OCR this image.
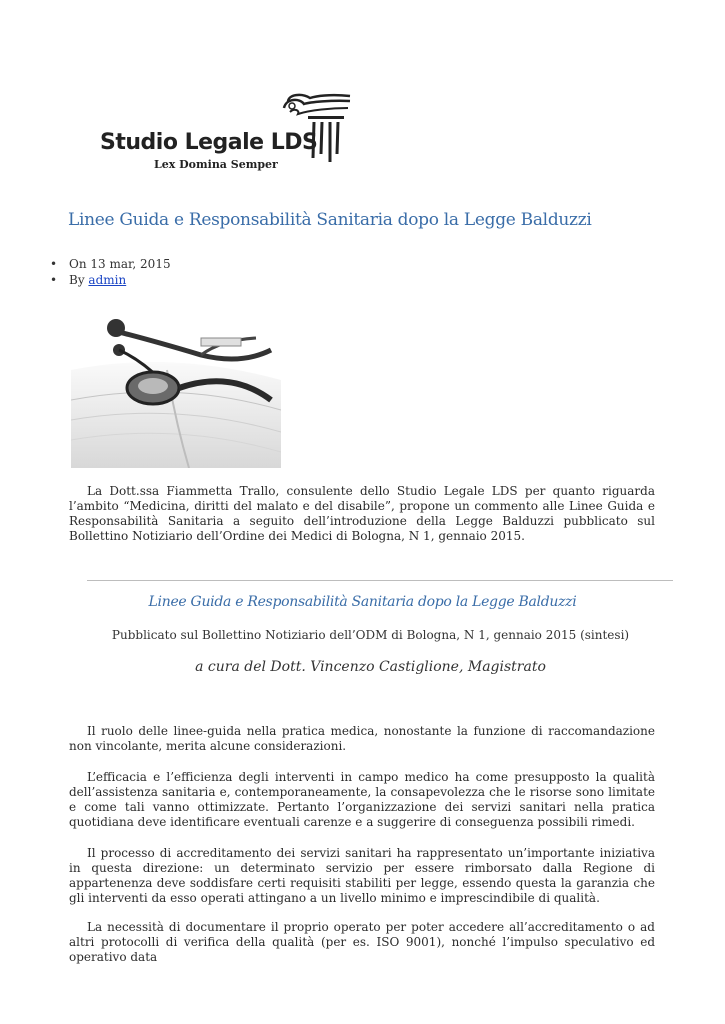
Studio Legale LDS
Lex Domina Semper
Linee Guida e Responsabilità Sanitaria dopo la Legge Balduzzi
• On 13 mar, 2015
• By admin

La Dott.ssa Fiammetta Trallo, consulente dello Studio Legale LDS per quanto riguarda l’ambito “Medicina, diritti del malato e del disabile”, propone un commento alle Linee Guida e Responsabilità Sanitaria a seguito dell’introduzione della Legge Balduzzi pubblicato sul Bollettino Notiziario dell’Ordine dei Medici di Bologna, N 1, gennaio 2015.

Linee Guida e Responsabilità Sanitaria dopo la Legge Balduzzi

Pubblicato sul Bollettino Notiziario dell’ODM di Bologna, N 1, gennaio 2015 (sintesi)

a cura del Dott. Vincenzo Castiglione, Magistrato

Il ruolo delle linee-guida nella pratica medica, nonostante la funzione di raccomandazione non vincolante, merita alcune considerazioni.

L’efficacia e l’efficienza degli interventi in campo medico ha come presupposto la qualità dell’assistenza sanitaria e, contemporaneamente, la consapevolezza che le risorse sono limitate e come tali vanno ottimizzate. Pertanto l’organizzazione dei servizi sanitari nella pratica quotidiana deve identificare eventuali carenze e a suggerire di conseguenza possibili rimedi.

Il processo di accreditamento dei servizi sanitari ha rappresentato un’importante iniziativa in questa direzione: un determinato servizio per essere rimborsato dalla Regione di appartenenza deve soddisfare certi requisiti stabiliti per legge, essendo questa la garanzia che gli interventi da esso operati attingano a un livello minimo e imprescindibile di qualità.

La necessità di documentare il proprio operato per poter accedere all’accreditamento o ad altri protocolli di verifica della qualità (per es. ISO 9001), nonché l’impulso speculativo ed operativo data
